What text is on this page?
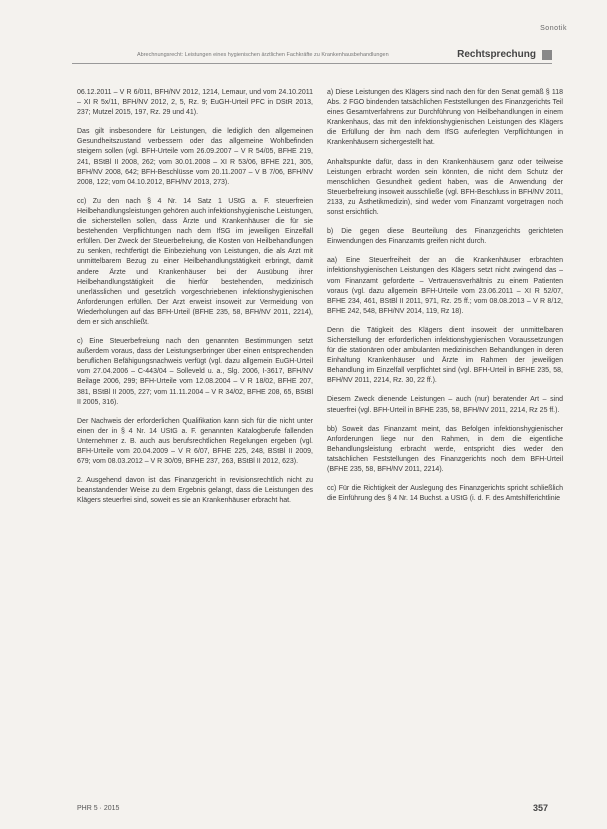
Sonotik
Abrechnungsrecht: Leistungen eines hygienischen ärztlichen Fachkräfte zu Krankenhausbehandlungen	Rechtsprechung

06.12.2011 – V R 6/011, BFH/NV 2012, 1214, Lemaur, und vom 24.10.2011 – XI R 5x/11, BFH/NV 2012, 2, 5, Rz. 9; EuGH-Urteil PFC in DStR 2013, 237; Mutzel 2015, 197, Rz. 29 und 41).

Das gilt insbesondere für Leistungen, die lediglich den allgemeinen Gesundheitszustand verbessern oder das allgemeine Wohlbefinden steigern sollen (vgl. BFH-Urteile vom 26.09.2007 – V R 54/05, BFHE 219, 241, BStBl II 2008, 262; vom 30.01.2008 – XI R 53/06, BFHE 221, 305, BFH/NV 2008, 642; BFH-Beschlüsse vom 20.11.2007 – V B 7/06, BFH/NV 2008, 122; vom 04.10.2012, BFH/NV 2013, 273).

cc) Zu den nach § 4 Nr. 14 Satz 1 UStG a. F. steuerfreien Heilbehandlungsleistungen gehören auch infektionshygienische Leistungen, die sicherstellen sollen, dass Ärzte und Krankenhäuser die für sie bestehenden Verpflichtungen nach dem IfSG im jeweiligen Einzelfall erfüllen. Der Zweck der Steuerbefreiung, die Kosten von Heilbehandlungen zu senken, rechtfertigt die Einbeziehung von Leistungen, die als Arzt mit unmittelbarem Bezug zu einer Heilbehandlungstätigkeit erbringt, damit andere Ärzte und Krankenhäuser bei der Ausübung ihrer Heilbehandlungstätigkeit die hierfür bestehenden, medizinisch unerlässlichen und gesetzlich vorgeschriebenen infektionshygienischen Anforderungen erfüllen. Der Arzt erweist insoweit zur Vermeidung von Wiederholungen auf das BFH-Urteil (BFHE 235, 58, BFH/NV 2011, 2214), dem er sich anschließt.

c) Eine Steuerbefreiung nach den genannten Bestimmungen setzt außerdem voraus, dass der Leistungserbringer über einen entsprechenden beruflichen Befähigungsnachweis verfügt (vgl. dazu allgemein EuGH-Urteil vom 27.04.2006 – C-443/04 – Solleveld u. a., Slg. 2006, I-3617, BFH/NV Beilage 2006, 299; BFH-Urteile vom 12.08.2004 – V R 18/02, BFHE 207, 381, BStBl II 2005, 227; vom 11.11.2004 – V R 34/02, BFHE 208, 65, BStBl II 2005, 316).

Der Nachweis der erforderlichen Qualifikation kann sich für die nicht unter einen der in § 4 Nr. 14 UStG a. F. genannten Katalogberufe fallenden Unternehmer z. B. auch aus berufsrechtlichen Regelungen ergeben (vgl. BFH-Urteile vom 20.04.2009 – V R 6/07, BFHE 225, 248, BStBl II 2009, 679; vom 08.03.2012 – V R 30/09, BFHE 237, 263, BStBl II 2012, 623).

2. Ausgehend davon ist das Finanzgericht in revisionsrechtlich nicht zu beanstandender Weise zu dem Ergebnis gelangt, dass die Leistungen des Klägers steuerfrei sind, soweit es sie an Krankenhäuser erbracht hat.

a) Diese Leistungen des Klägers sind nach den für den Senat gemäß § 118 Abs. 2 FGO bindenden tatsächlichen Feststellungen des Finanzgerichts Teil eines Gesamtverfahrens zur Durchführung von Heilbehandlungen in einem Krankenhaus, das mit den infektionshygienischen Leistungen des Klägers die Erfüllung der ihm nach dem IfSG auferlegten Verpflichtungen in Krankenhäusern sichergestellt hat.

Anhaltspunkte dafür, dass in den Krankenhäusern ganz oder teilweise Leistungen erbracht worden sein könnten, die nicht dem Schutz der menschlichen Gesundheit gedient haben, was die Anwendung der Steuerbefreiung insoweit ausschließe (vgl. BFH-Beschluss in BFH/NV 2011, 2133, zu Ästhetikmedizin), sind weder vom Finanzamt vorgetragen noch sonst ersichtlich.

b) Die gegen diese Beurteilung des Finanzgerichts gerichteten Einwendungen des Finanzamts greifen nicht durch.

aa) Eine Steuerfreiheit der an die Krankenhäuser erbrachten infektionshygienischen Leistungen des Klägers setzt nicht zwingend das – vom Finanzamt geforderte – Vertrauensverhältnis zu einem Patienten voraus (vgl. dazu allgemein BFH-Urteile vom 23.06.2011 – XI R 52/07, BFHE 234, 461, BStBl II 2011, 971, Rz. 25 ff.; vom 08.08.2013 – V R 8/12, BFHE 242, 548, BFH/NV 2014, 119, Rz 18).

Denn die Tätigkeit des Klägers dient insoweit der unmittelbaren Sicherstellung der erforderlichen infektionshygienischen Voraussetzungen für die stationären oder ambulanten medizinischen Behandlungen in deren Einhaltung Krankenhäuser und Ärzte im Rahmen der jeweiligen Behandlung im Einzelfall verpflichtet sind (vgl. BFH-Urteil in BFHE 235, 58, BFH/NV 2011, 2214, Rz. 30, 22 ff.).

Diesem Zweck dienende Leistungen – auch (nur) beratender Art – sind steuerfrei (vgl. BFH-Urteil in BFHE 235, 58, BFH/NV 2011, 2214, Rz 25 ff.).

bb) Soweit das Finanzamt meint, das Befolgen infektionshygienischer Anforderungen liege nur den Rahmen, in dem die eigentliche Behandlungsleistung erbracht werde, entspricht dies weder den tatsächlichen Feststellungen des Finanzgerichts noch dem BFH-Urteil (BFHE 235, 58, BFH/NV 2011, 2214).

cc) Für die Richtigkeit der Auslegung des Finanzgerichts spricht schließlich die Einführung des § 4 Nr. 14 Buchst. a UStG (i. d. F. des Amtshilferichtlinie

PHR 5 · 2015	357
